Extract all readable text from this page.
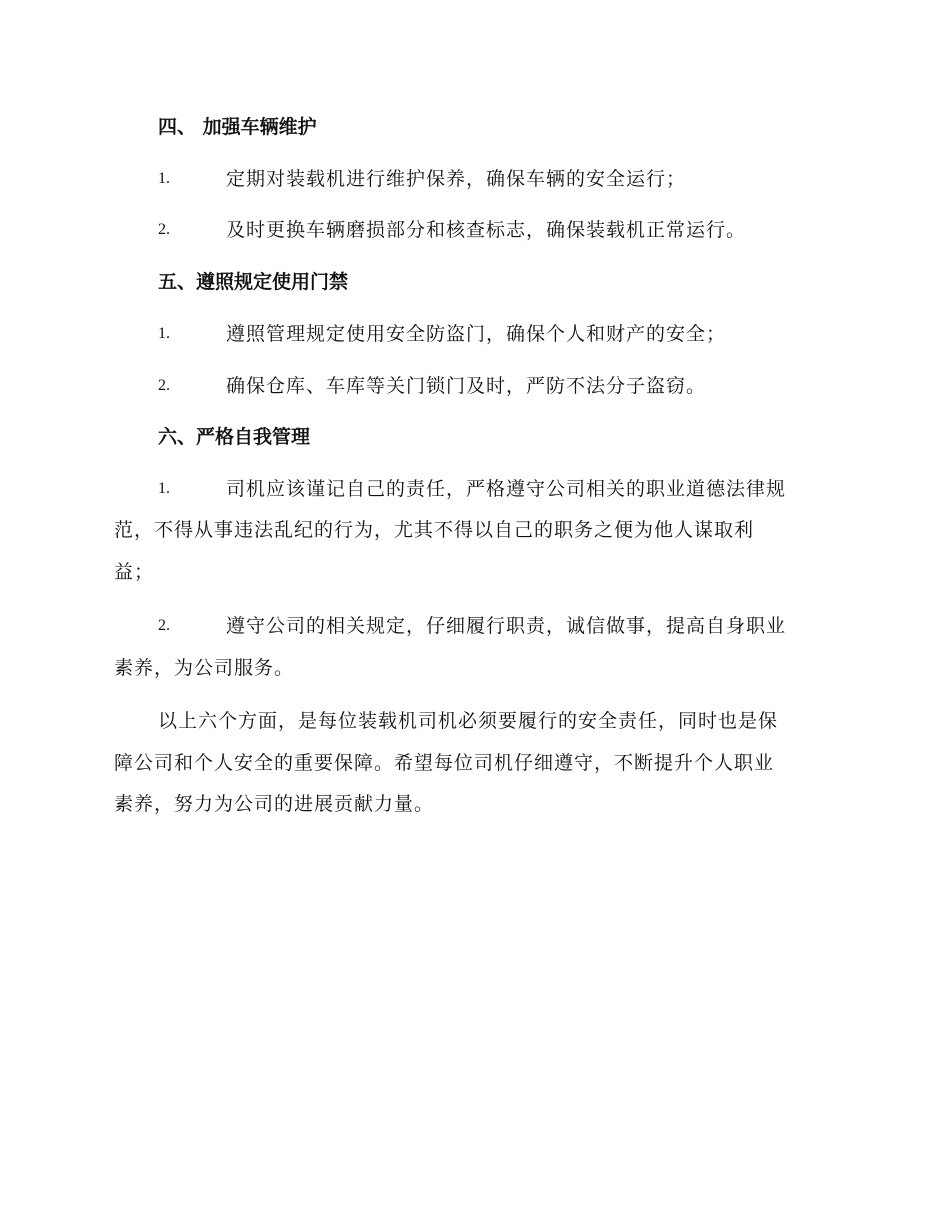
四、 加强车辆维护
1.	定期对装载机进行维护保养，确保车辆的安全运行；
2.	及时更换车辆磨损部分和核查标志，确保装载机正常运行。
五、遵照规定使用门禁
1.	遵照管理规定使用安全防盗门，确保个人和财产的安全；
2.	确保仓库、车库等关门锁门及时，严防不法分子盗窃。
六、严格自我管理
1.	司机应该谨记自己的责任，严格遵守公司相关的职业道德法律规
范，不得从事违法乱纪的行为，尤其不得以自己的职务之便为他人谋取利
益；
2.	遵守公司的相关规定，仔细履行职责，诚信做事，提高自身职业
素养，为公司服务。
以上六个方面，是每位装载机司机必须要履行的安全责任，同时也是保
障公司和个人安全的重要保障。希望每位司机仔细遵守，不断提升个人职业
素养，努力为公司的进展贡献力量。
